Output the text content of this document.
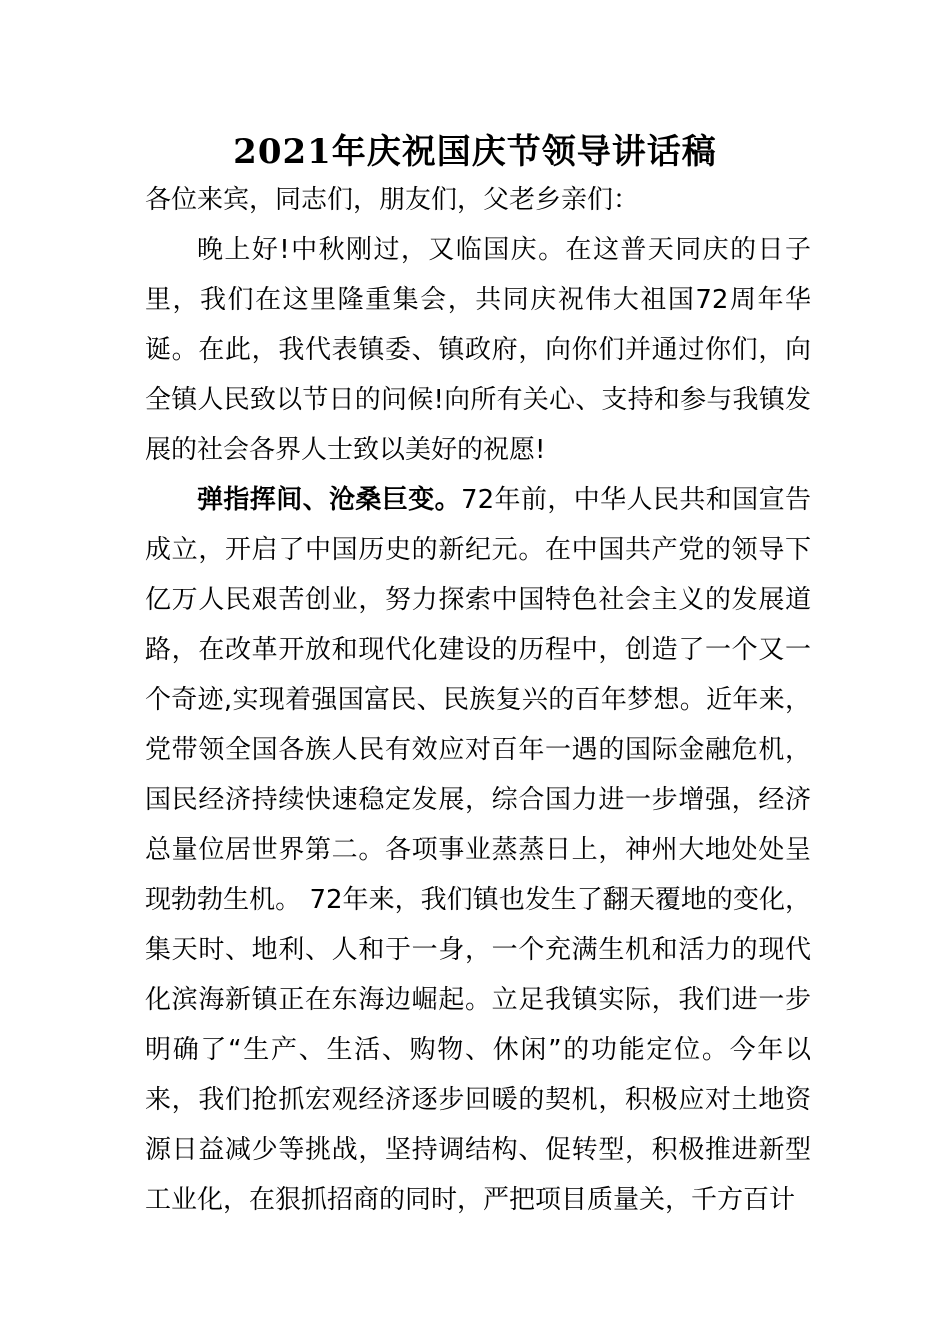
2021年庆祝国庆节领导讲话稿

各位来宾，同志们，朋友们，父老乡亲们：

晚上好!中秋刚过，又临国庆。在这普天同庆的日子里，我们在这里隆重集会，共同庆祝伟大祖国72周年华诞。在此，我代表镇委、镇政府，向你们并通过你们，向全镇人民致以节日的问候!向所有关心、支持和参与我镇发展的社会各界人士致以美好的祝愿!

弹指挥间、沧桑巨变。72年前，中华人民共和国宣告成立，开启了中国历史的新纪元。在中国共产党的领导下亿万人民艰苦创业，努力探索中国特色社会主义的发展道路，在改革开放和现代化建设的历程中，创造了一个又一个奇迹,实现着强国富民、民族复兴的百年梦想。近年来，党带领全国各族人民有效应对百年一遇的国际金融危机，国民经济持续快速稳定发展，综合国力进一步增强，经济总量位居世界第二。各项事业蒸蒸日上，神州大地处处呈现勃勃生机。 72年来，我们镇也发生了翻天覆地的变化，集天时、地利、人和于一身，一个充满生机和活力的现代化滨海新镇正在东海边崛起。立足我镇实际，我们进一步明确了“生产、生活、购物、休闲”的功能定位。今年以来，我们抢抓宏观经济逐步回暖的契机，积极应对土地资源日益减少等挑战，坚持调结构、促转型，积极推进新型工业化，在狠抓招商的同时，严把项目质量关，千方百计
